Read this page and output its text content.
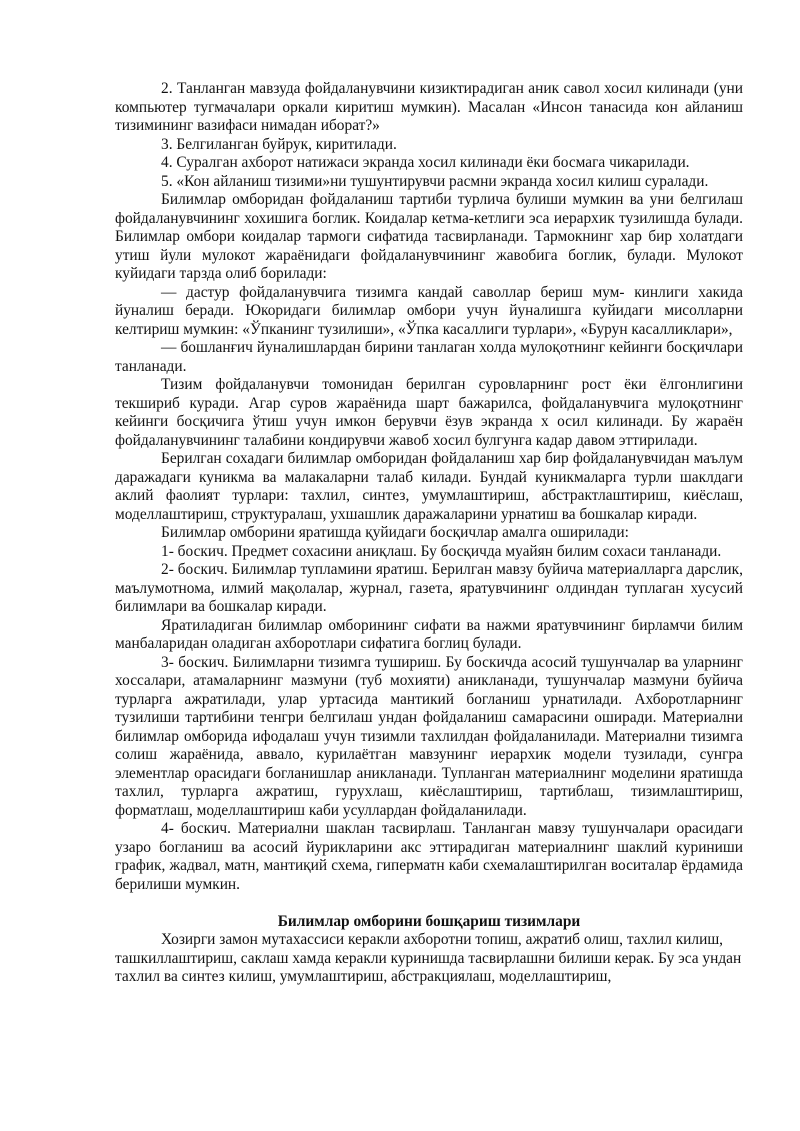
2. Танланган мавзуда фойдаланувчини кизиктирадиган аник савол хосил килинади (уни компьютер тугмачалари оркали киритиш мумкин). Масалан «Инсон танасида кон айланиш тизимининг вазифаси нимадан иборат?»

3. Белгиланган буйрук, киритилади.

4. Суралган ахборот натижаси экранда хосил килинади ёки босмага чикарилади.

5. «Кон айланиш тизими»ни тушунтирувчи расмни экранда хосил килиш суралади.

Билимлар омборидан фойдаланиш тартиби турлича булиши мумкин ва уни белгилаш фойдаланувчининг хохишига боглик. Коидалар кетма-кетлиги эса иерархик тузилишда булади. Билимлар омбори коидалар тармоги сифатида тасвирланади. Тармокнинг хар бир холатдаги утиш йули мулокот жараёнидаги фойдаланувчининг жавобига боглик, булади. Мулокот куйидаги тарзда олиб борилади:

— дастур фойдаланувчига тизимга кандай саволлар бериш мум- кинлиги хакида йуналиш беради. Юкоридаги билимлар омбори учун йуналишга куйидаги мисолларни келтириш мумкин: «Ўпканинг тузилиши», «Ўпка касаллиги турлари», «Бурун касалликлари»,

— бошланғич йуналишлардан бирини танлаган холда мулоқотнинг кейинги босқичлари танланади.

Тизим фойдаланувчи томонидан берилган суровларнинг рост ёки ёлгонлигини текшириб куради. Агар суров жараёнида шарт бажарилса, фойдаланувчига мулоқотнинг кейинги босқичига ўтиш учун имкон берувчи ёзув экранда х осил килинади. Бу жараён фойдаланувчининг талабини кондирувчи жавоб хосил булгунга кадар давом эттирилади.

Берилган сохадаги билимлар омборидан фойдаланиш хар бир фойдаланувчидан маълум даражадаги куникма ва малакаларни талаб килади. Бундай куникмаларга турли шаклдаги аклий фаолият турлари: тахлил, синтез, умумлаштириш, абстрактлаштириш, киёслаш, моделлаштириш, структуралаш, ухшашлик даражаларини урнатиш ва бошкалар киради.

Билимлар омборини яратишда қуйидаги босқичлар амалга оширилади:

1- боскич. Предмет сохасини аниқлаш. Бу босқичда муайян билим сохаси танланади.

2- боскич. Билимлар тупламини яратиш. Берилган мавзу буйича материалларга дарслик, маълумотнома, илмий мақолалар, журнал, газета, яратувчининг олдиндан туплаган хусусий билимлари ва бошкалар киради.

Яратиладиган билимлар омборининг сифати ва нажми яратувчининг бирламчи билим манбаларидан оладиган ахборотлари сифатига боглиц булади.

3- боскич. Билимларни тизимга тушириш. Бу боскичда асосий тушунчалар ва уларнинг хоссалари, атамаларнинг мазмуни (туб мохияти) аникланади, тушунчалар мазмуни буйича турларга ажратилади, улар уртасида мантикий богланиш урнатилади. Ахборотларнинг тузилиши тартибини тенгри белгилаш ундан фойдаланиш самарасини оширади. Материални билимлар омборида ифодалаш учун тизимли тахлилдан фойдаланилади. Материални тизимга солиш жараёнида, аввало, курилаётган мавзунинг иерархик модели тузилади, сунгра элементлар орасидаги богланишлар аникланади. Тупланган материалнинг моделини яратишда тахлил, турларга ажратиш, гурухлаш, киёслаштириш, тартиблаш, тизимлаштириш, форматлаш, моделлаштириш каби усуллардан фойдаланилади.

4- боскич. Материални шаклан тасвирлаш. Танланган мавзу тушунчалари орасидаги узаро богланиш ва асосий йурикларини акс эттирадиган материалнинг шаклий куриниши график, жадвал, матн, мантиқий схема, гиперматн каби схемалаштирилган воситалар ёрдамида берилиши мумкин.

Билимлар омборини бошқариш тизимлари

Хозирги замон мутахассиси керакли ахборотни топиш, ажратиб олиш, тахлил килиш, ташкиллаштириш, саклаш хамда керакли куринишда тасвирлашни билиши керак. Бу эса ундан тахлил ва синтез килиш, умумлаштириш, абстракциялаш, моделлаштириш,
